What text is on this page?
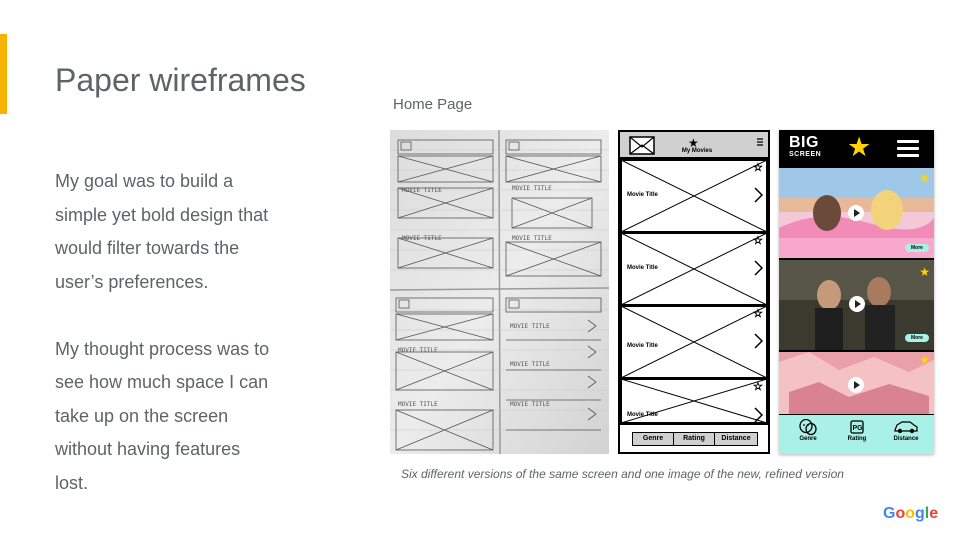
Paper wireframes

My goal was to build a

simple yet bold design that

would filter towards the

user’s preferences.

My thought process was to

see how much space I can

take up on the screen

without having features

lost.

Home Page
MOVIE TITLE
MOVIE TITLE
MOVIE TITLE
MOVIE TITLE
MOVIE TITLE
MOVIE TITLE
MOVIE TITLE
MOVIE TITLE
MOVIE TITLE
★
☆
☆
☆
☆
My Movies
Movie Title
Movie Title
Movie Title
Movie Title
Genre	Rating	Distance
BIG
SCREEN ★
★
More
★
More
★
Genre
PG
Rating	Distance
Six different versions of the same screen and one image of the new, refined version
Google
